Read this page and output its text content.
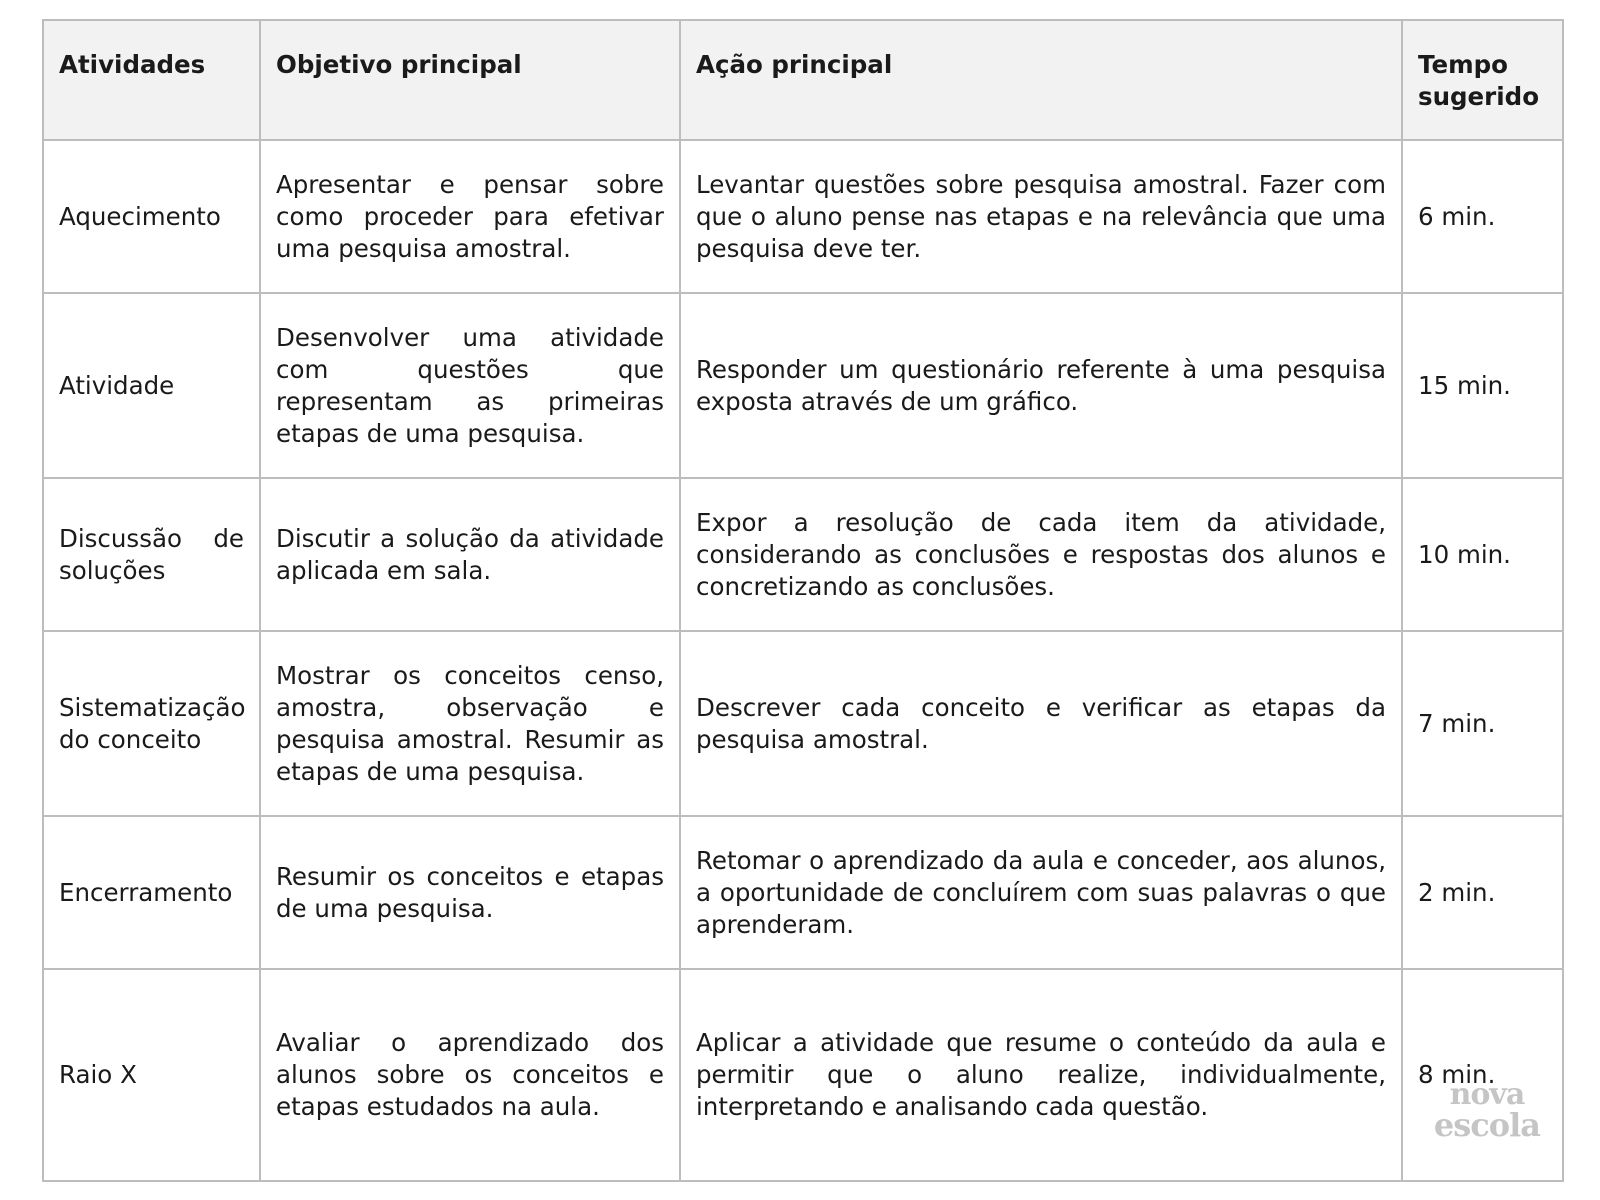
Atividades	Objetivo principal	Ação principal	Tempo sugerido
Aquecimento	Apresentar e pensar sobre como proceder para efetivar uma pesquisa amostral.	Levantar questões sobre pesquisa amostral. Fazer com que o aluno pense nas etapas e na relevância que uma pesquisa deve ter.	6 min.
Atividade	Desenvolver uma atividade com questões que representam as primeiras etapas de uma pesquisa.	Responder um questionário referente à uma pesquisa exposta através de um gráfico.	15 min.
Discussão de soluções	Discutir a solução da atividade aplicada em sala.	Expor a resolução de cada item da atividade, considerando as conclusões e respostas dos alunos e concretizando as conclusões.	10 min.
Sistematização do conceito	Mostrar os conceitos censo, amostra, observação e pesquisa amostral. Resumir as etapas de uma pesquisa.	Descrever cada conceito e verificar as etapas da pesquisa amostral.	7 min.
Encerramento	Resumir os conceitos e etapas de uma pesquisa.	Retomar o aprendizado da aula e conceder, aos alunos, a oportunidade de concluírem com suas palavras o que aprenderam.	2 min.
Raio X	Avaliar o aprendizado dos alunos sobre os conceitos e etapas estudados na aula.	Aplicar a atividade que resume o conteúdo da aula e permitir que o aluno realize, individualmente, interpretando e analisando cada questão.	8 min.
nova
escola
